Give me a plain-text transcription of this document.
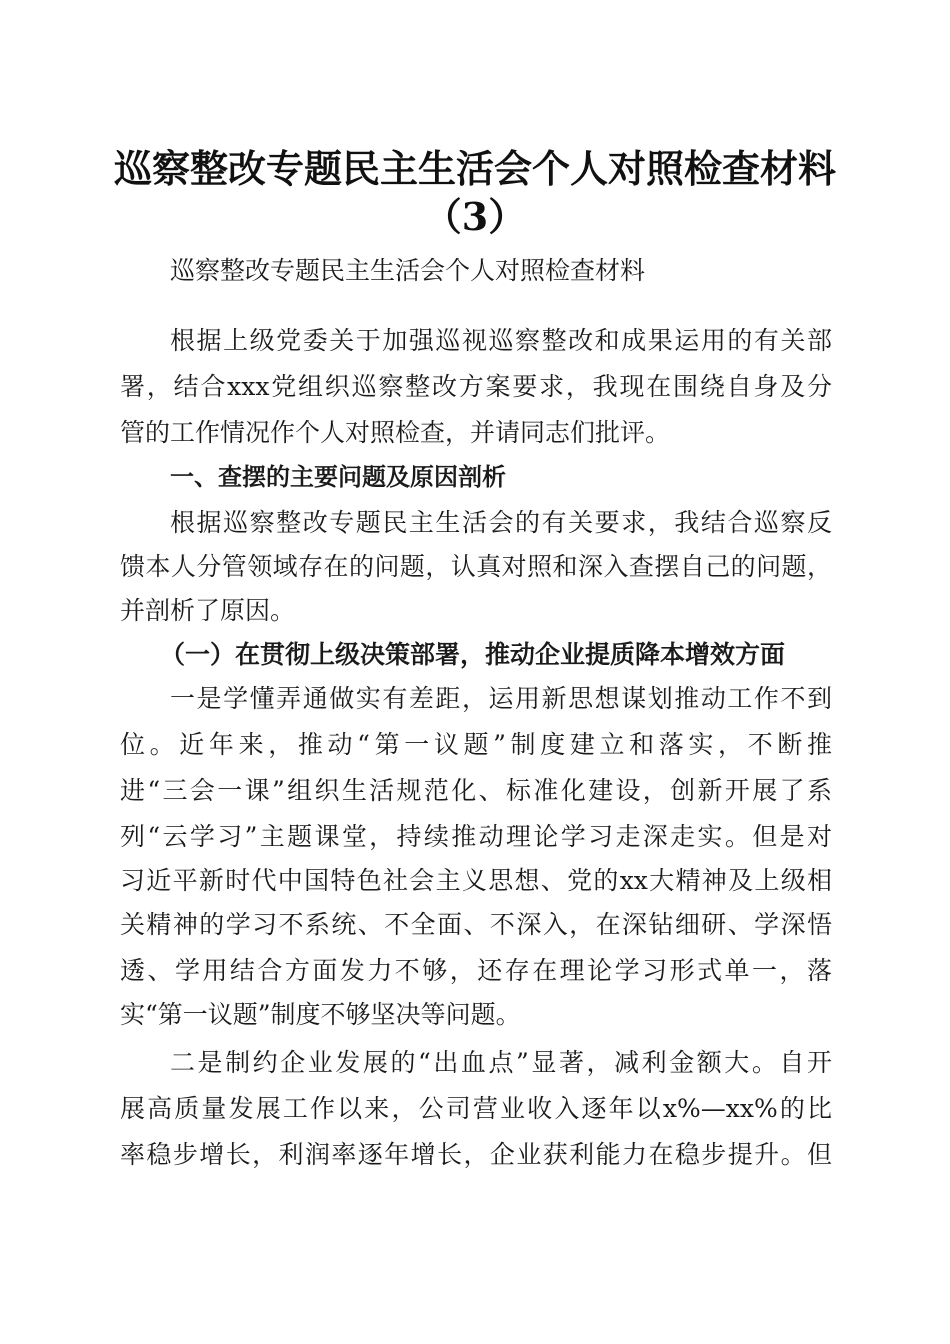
巡察整改专题民主生活会个人对照检查材料
（3）
巡察整改专题民主生活会个人对照检查材料
根据上级党委关于加强巡视巡察整改和成果运用的有关部
署，结合xxx党组织巡察整改方案要求，我现在围绕自身及分
管的工作情况作个人对照检查，并请同志们批评。
一、查摆的主要问题及原因剖析
根据巡察整改专题民主生活会的有关要求，我结合巡察反
馈本人分管领域存在的问题，认真对照和深入查摆自己的问题，
并剖析了原因。
（一）在贯彻上级决策部署，推动企业提质降本增效方面
一是学懂弄通做实有差距，运用新思想谋划推动工作不到
位。近年来，推动“第一议题”制度建立和落实，不断推
进“三会一课”组织生活规范化、标准化建设，创新开展了系
列“云学习”主题课堂，持续推动理论学习走深走实。但是对
习近平新时代中国特色社会主义思想、党的xx大精神及上级相
关精神的学习不系统、不全面、不深入，在深钻细研、学深悟
透、学用结合方面发力不够，还存在理论学习形式单一，落
实“第一议题”制度不够坚决等问题。
二是制约企业发展的“出血点”显著，减利金额大。自开
展高质量发展工作以来，公司营业收入逐年以x%—xx%的比
率稳步增长，利润率逐年增长，企业获利能力在稳步提升。但
